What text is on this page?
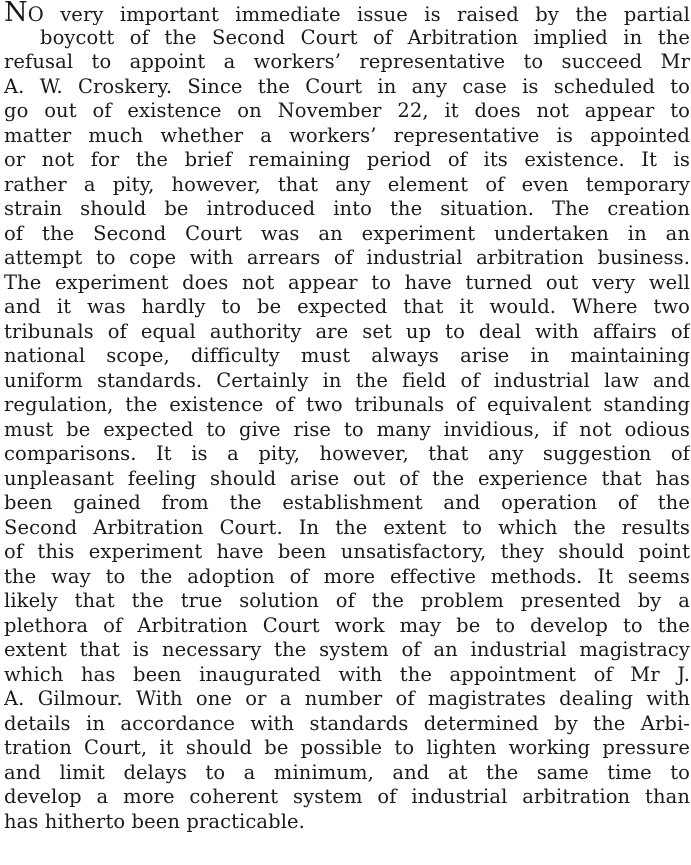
NO very important immediate issue is raised by the partial
boycott of the Second Court of Arbitration implied in the
refusal to appoint a workers’ representative to succeed Mr
A. W. Croskery. Since the Court in any case is scheduled to
go out of existence on November 22, it does not appear to
matter much whether a workers’ representative is appointed
or not for the brief remaining period of its existence. It is
rather a pity, however, that any element of even temporary
strain should be introduced into the situation. The creation
of the Second Court was an experiment undertaken in an
attempt to cope with arrears of industrial arbitration business.
The experiment does not appear to have turned out very well
and it was hardly to be expected that it would. Where two
tribunals of equal authority are set up to deal with affairs of
national scope, difficulty must always arise in maintaining
uniform standards. Certainly in the field of industrial law and
regulation, the existence of two tribunals of equivalent standing
must be expected to give rise to many invidious, if not odious
comparisons. It is a pity, however, that any suggestion of
unpleasant feeling should arise out of the experience that has
been gained from the establishment and operation of the
Second Arbitration Court. In the extent to which the results
of this experiment have been unsatisfactory, they should point
the way to the adoption of more effective methods. It seems
likely that the true solution of the problem presented by a
plethora of Arbitration Court work may be to develop to the
extent that is necessary the system of an industrial magistracy
which has been inaugurated with the appointment of Mr J.
A. Gilmour. With one or a number of magistrates dealing with
details in accordance with standards determined by the Arbi-
tration Court, it should be possible to lighten working pressure
and limit delays to a minimum, and at the same time to
develop a more coherent system of industrial arbitration than
has hitherto been practicable.
